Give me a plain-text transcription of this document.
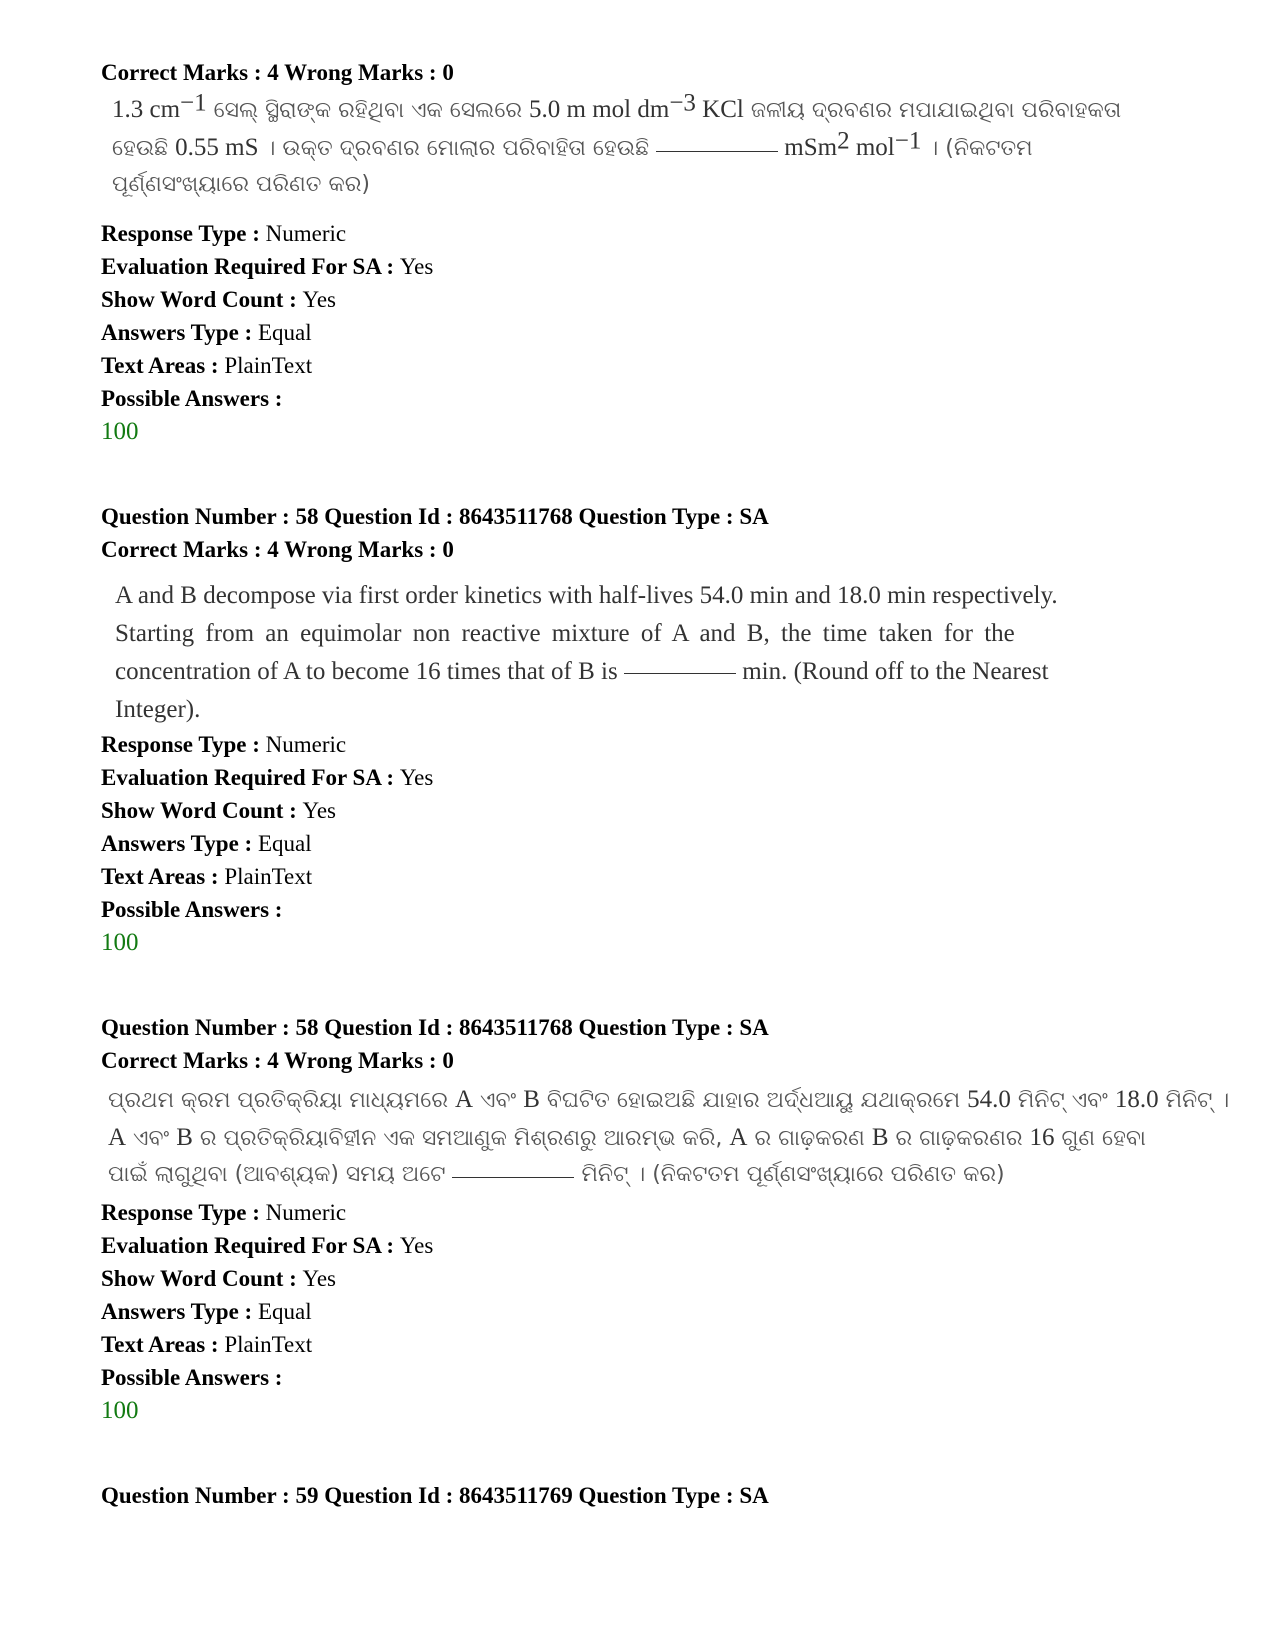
Correct Marks : 4 Wrong Marks : 0
1.3 $cm^{-1}$ ସେଲ୍ ସ୍ଥିରାଙ୍କ ରହିଥିବା ଏକ ସେଲରେ 5.0 m mol $dm^{-3}$ KCl ଜଳୀୟ ଦ୍ରବଣର ମପାଯାଇଥିବା ପରିବାହକତା
ହେଉଛି 0.55 mS । ଉକ୍ତ ଦ୍ରବଣର ମୋଲାର ପରିବାହିତା ହେଉଛି	mSm$^2$ mol$^{-1}$ । (ନିକଟତମ
ପୂର୍ଣ୍ଣସଂଖ୍ୟାରେ ପରିଣତ କର)
Response Type : Numeric
Evaluation Required For SA : Yes
Show Word Count : Yes
Answers Type : Equal
Text Areas : PlainText
Possible Answers :
100
Question Number : 58 Question Id : 8643511768 Question Type : SA
Correct Marks : 4 Wrong Marks : 0
A and B decompose via first order kinetics with half-lives 54.0 min and 18.0 min respectively.
Starting from an equimolar non reactive mixture of A and B, the time taken for the
concentration of A to become 16 times that of B is	min. (Round off to the Nearest
Integer).
Response Type : Numeric
Evaluation Required For SA : Yes
Show Word Count : Yes
Answers Type : Equal
Text Areas : PlainText
Possible Answers :
100
Question Number : 58 Question Id : 8643511768 Question Type : SA
Correct Marks : 4 Wrong Marks : 0
ପ୍ରଥମ କ୍ରମ ପ୍ରତିକ୍ରିୟା ମାଧ୍ୟମରେ A ଏବଂ B ବିଘଟିତ ହୋଇଅଛି ଯାହାର ଅର୍ଦ୍ଧଆୟୁ ଯଥାକ୍ରମେ 54.0 ମିନିଟ୍ ଏବଂ 18.0 ମିନିଟ୍ ।
A ଏବଂ B ର ପ୍ରତିକ୍ରିୟାବିହୀନ ଏକ ସମଆଣୁକ ମିଶ୍ରଣରୁ ଆରମ୍ଭ କରି, A ର ଗାଢ଼କରଣ B ର ଗାଢ଼କରଣର 16 ଗୁଣ ହେବା
ପାଇଁ ଲାଗୁଥିବା (ଆବଶ୍ୟକ) ସମୟ ଅଟେ	ମିନିଟ୍ । (ନିକଟତମ ପୂର୍ଣ୍ଣସଂଖ୍ୟାରେ ପରିଣତ କର)
Response Type : Numeric
Evaluation Required For SA : Yes
Show Word Count : Yes
Answers Type : Equal
Text Areas : PlainText
Possible Answers :
100
Question Number : 59 Question Id : 8643511769 Question Type : SA
